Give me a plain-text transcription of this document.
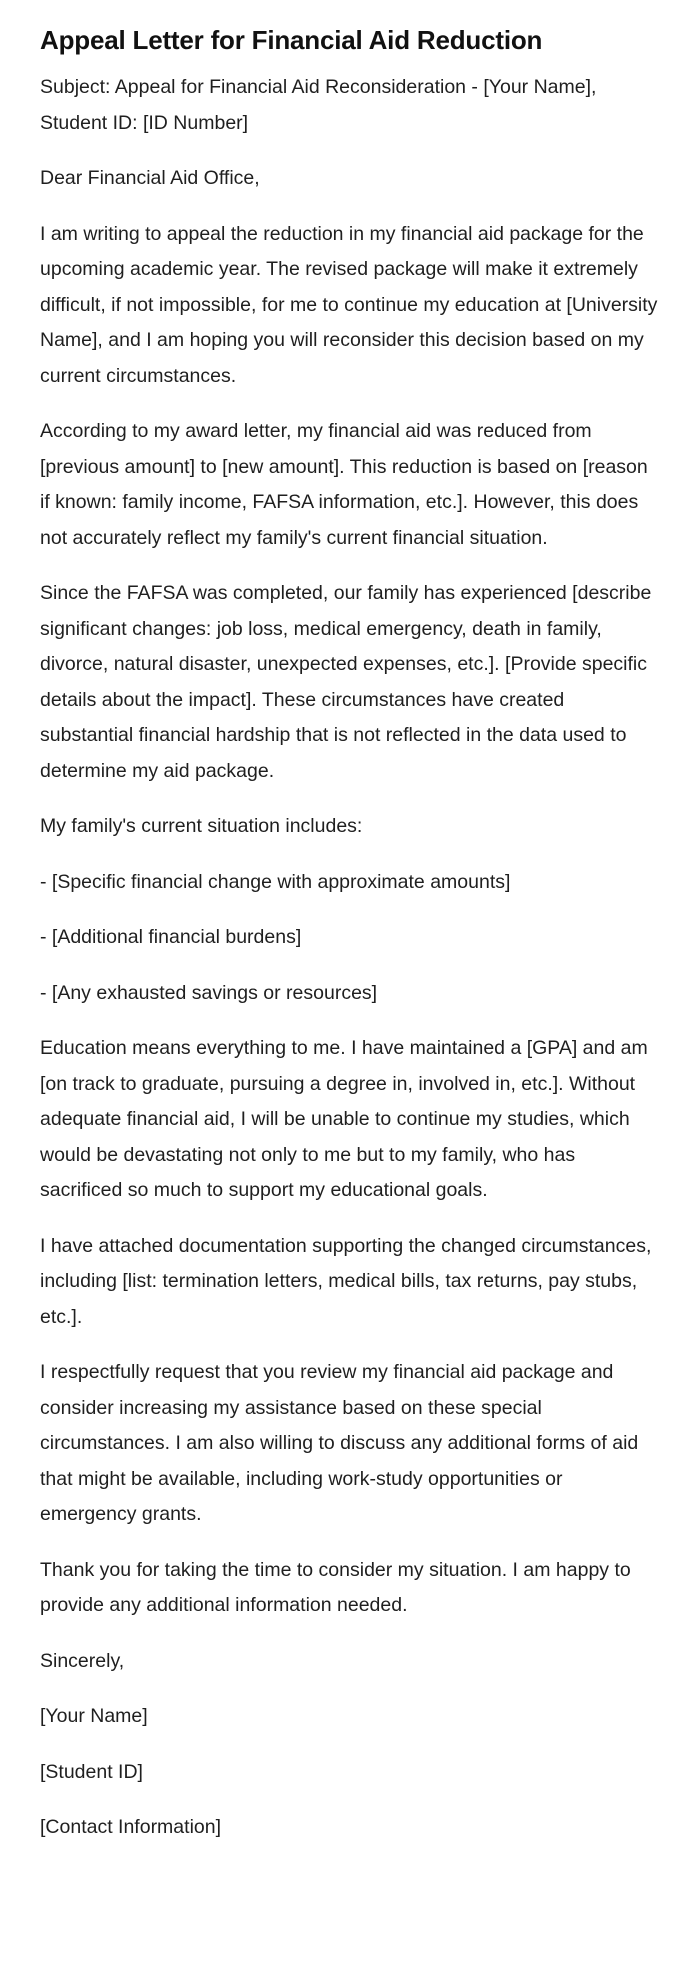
Appeal Letter for Financial Aid Reduction

Subject: Appeal for Financial Aid Reconsideration - [Your Name], Student ID: [ID Number]

Dear Financial Aid Office,

I am writing to appeal the reduction in my financial aid package for the upcoming academic year. The revised package will make it extremely difficult, if not impossible, for me to continue my education at [University Name], and I am hoping you will reconsider this decision based on my current circumstances.

According to my award letter, my financial aid was reduced from [previous amount] to [new amount]. This reduction is based on [reason if known: family income, FAFSA information, etc.]. However, this does not accurately reflect my family's current financial situation.

Since the FAFSA was completed, our family has experienced [describe significant changes: job loss, medical emergency, death in family, divorce, natural disaster, unexpected expenses, etc.]. [Provide specific details about the impact]. These circumstances have created substantial financial hardship that is not reflected in the data used to determine my aid package.

My family's current situation includes:

- [Specific financial change with approximate amounts]

- [Additional financial burdens]

- [Any exhausted savings or resources]

Education means everything to me. I have maintained a [GPA] and am [on track to graduate, pursuing a degree in, involved in, etc.]. Without adequate financial aid, I will be unable to continue my studies, which would be devastating not only to me but to my family, who has sacrificed so much to support my educational goals.

I have attached documentation supporting the changed circumstances, including [list: termination letters, medical bills, tax returns, pay stubs, etc.].

I respectfully request that you review my financial aid package and consider increasing my assistance based on these special circumstances. I am also willing to discuss any additional forms of aid that might be available, including work-study opportunities or emergency grants.

Thank you for taking the time to consider my situation. I am happy to provide any additional information needed.

Sincerely,

[Your Name]

[Student ID]

[Contact Information]
